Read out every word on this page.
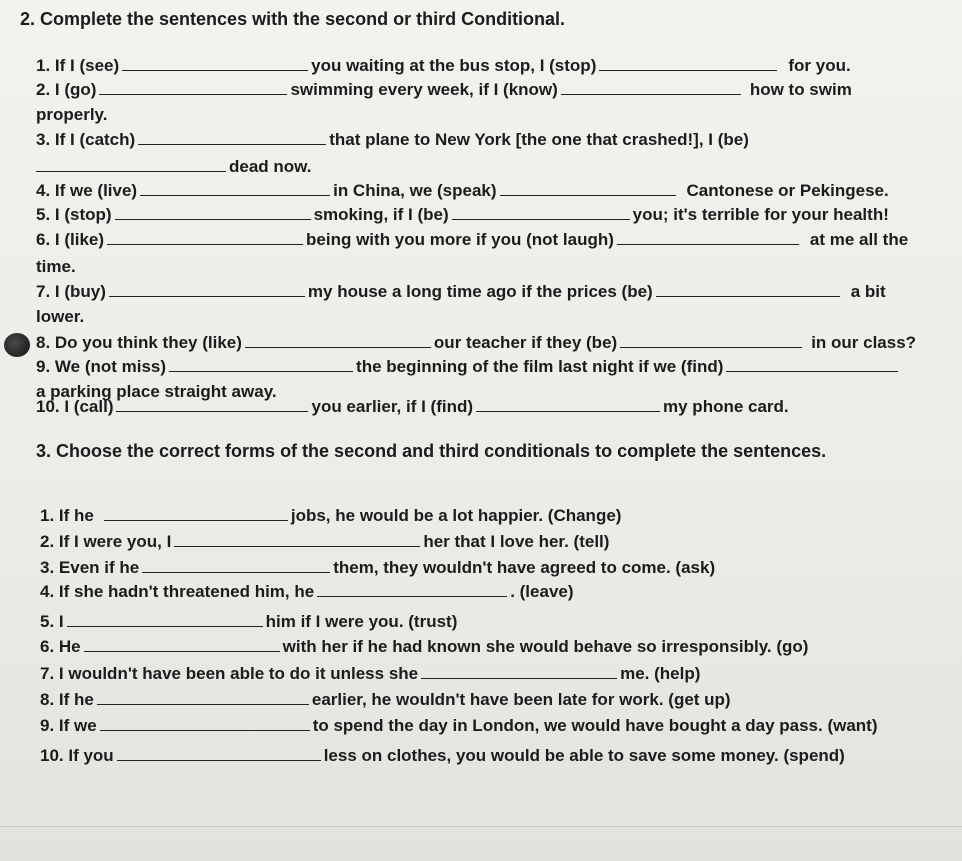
2. Complete the sentences with the second or third Conditional.
1. If I (see)	you waiting at the bus stop, I (stop)	for you.
2. I (go)	swimming every week, if I (know)	how to swim
properly.
3. If I (catch)	that plane to New York [the one that crashed!], I (be)
dead now.
4. If we (live)	in China, we (speak)	Cantonese or Pekingese.
5. I (stop)	smoking, if I (be)	you; it's terrible for your health!
6. I (like)	being with you more if you (not laugh)	at me all the
time.
7. I (buy)	my house a long time ago if the prices (be)	a bit
lower.
8. Do you think they (like)	our teacher if they (be)	in our class?
9. We (not miss)	the beginning of the film last night if we (find)
a parking place straight away.
10. I (call)	you earlier, if I (find)	my phone card.
3. Choose the correct forms of the second and third conditionals to complete the sentences.
1. If he	jobs, he would be a lot happier. (Change)
2. If I were you, I	her that I love her. (tell)
3. Even if he	them, they wouldn't have agreed to come. (ask)
4. If she hadn't threatened him, he	. (leave)
5. I	him if I were you. (trust)
6. He	with her if he had known she would behave so irresponsibly. (go)
7. I wouldn't have been able to do it unless she	me. (help)
8. If he	earlier, he wouldn't have been late for work. (get up)
9. If we	to spend the day in London, we would have bought a day pass. (want)
10. If you	less on clothes, you would be able to save some money. (spend)
